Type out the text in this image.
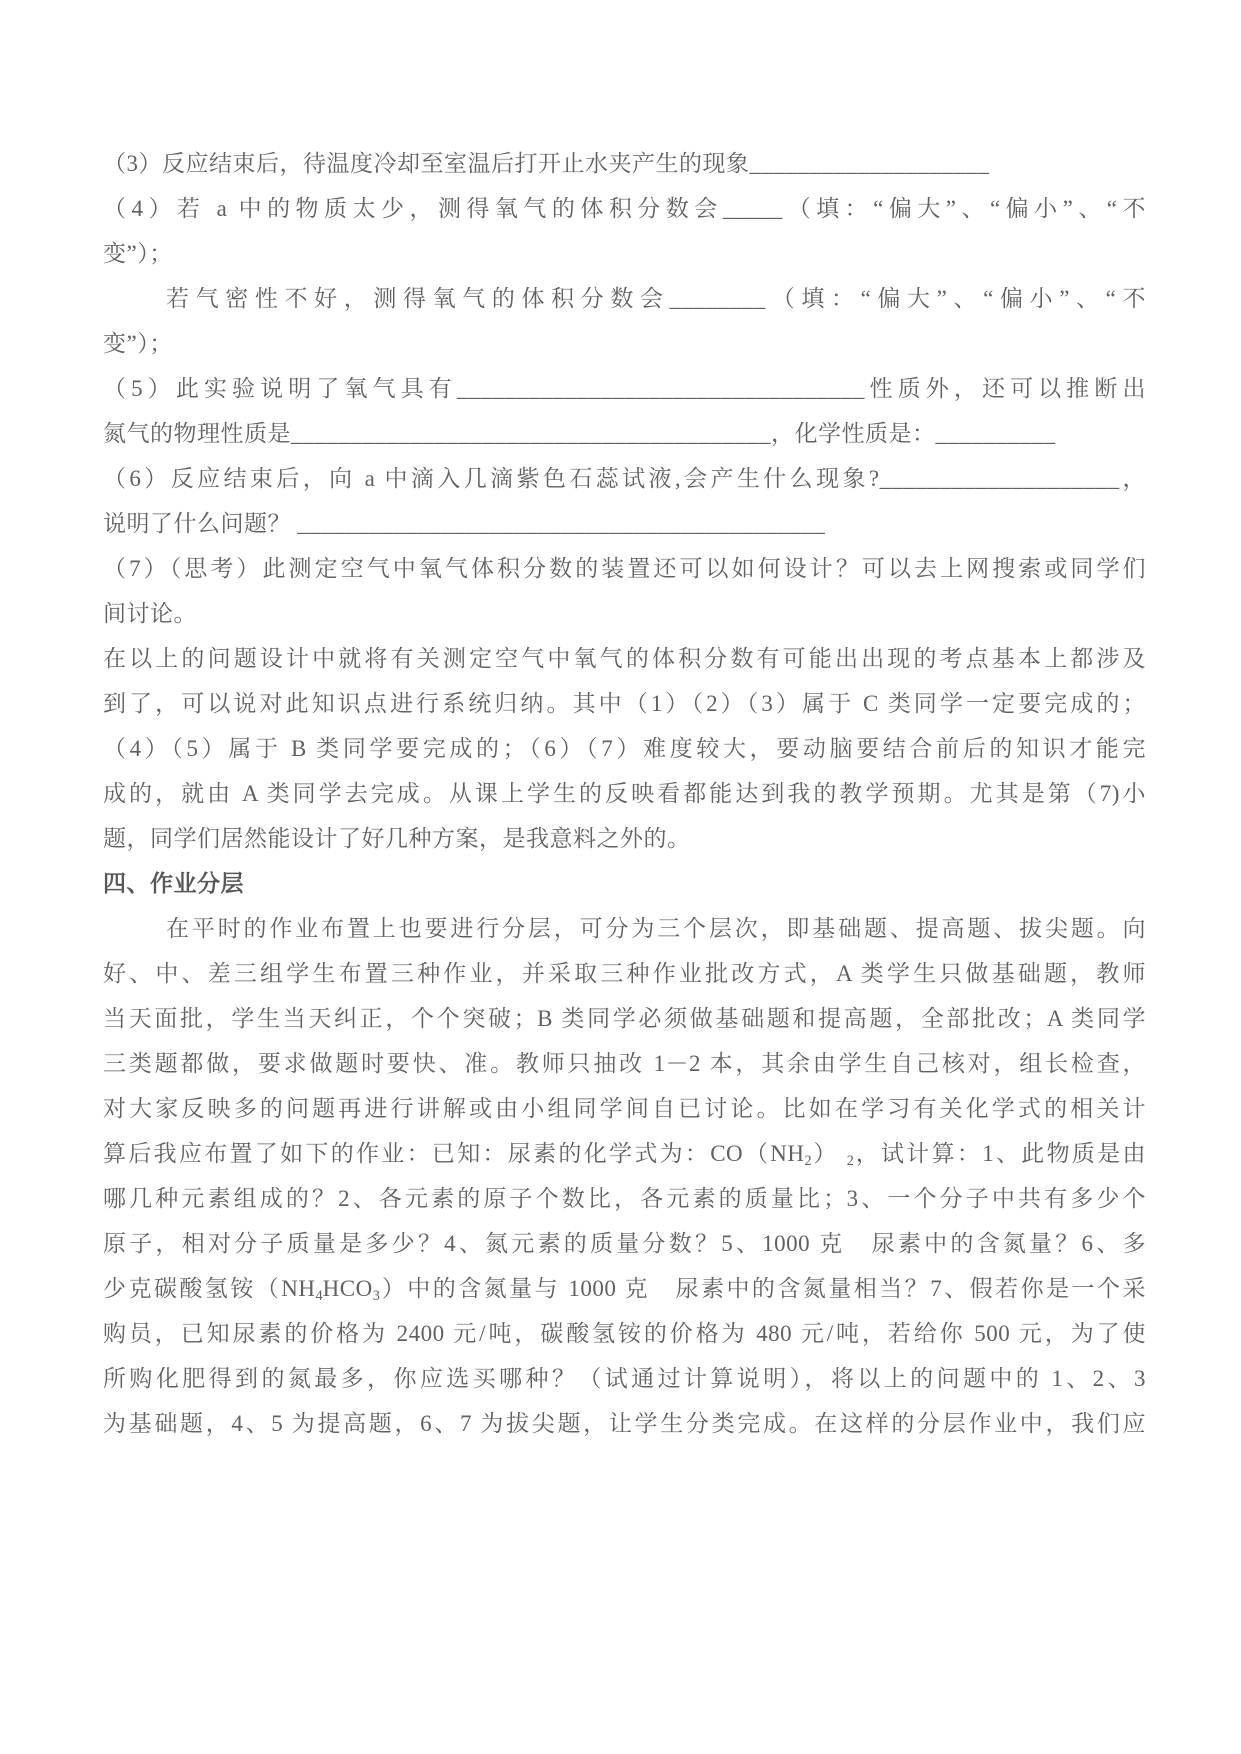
（3）反应结束后，待温度冷却至室温后打开止水夹产生的现象____________________
（4）若 a 中的物质太少，测得氧气的体积分数会_____（填：“偏大”、“偏小”、“不
变”）；
若气密性不好，测得氧气的体积分数会________（填：“偏大”、“偏小”、“不
变”）；
（5）此实验说明了氧气具有__________________________________性质外，还可以推断出
氮气的物理性质是________________________________________，化学性质是：__________
（6）反应结束后，向 a 中滴入几滴紫色石蕊试液,会产生什么现象?____________________，
说明了什么问题？ ____________________________________________
（7）（思考）此测定空气中氧气体积分数的装置还可以如何设计？可以去上网搜索或同学们
间讨论。
在以上的问题设计中就将有关测定空气中氧气的体积分数有可能出出现的考点基本上都涉及
到了，可以说对此知识点进行系统归纳。其中（1）（2）（3）属于 C 类同学一定要完成的；
（4）（5）属于 B 类同学要完成的；（6）（7）难度较大，要动脑要结合前后的知识才能完
成的，就由 A 类同学去完成。从课上学生的反映看都能达到我的教学预期。尤其是第（7)小
题，同学们居然能设计了好几种方案，是我意料之外的。
四、作业分层
在平时的作业布置上也要进行分层，可分为三个层次，即基础题、提高题、拔尖题。向
好、中、差三组学生布置三种作业，并采取三种作业批改方式，A 类学生只做基础题，教师
当天面批，学生当天纠正，个个突破；B 类同学必须做基础题和提高题，全部批改；A 类同学
三类题都做，要求做题时要快、准。教师只抽改 1－2 本，其余由学生自己核对，组长检查，
对大家反映多的问题再进行讲解或由小组同学间自已讨论。比如在学习有关化学式的相关计
算后我应布置了如下的作业：已知：尿素的化学式为：$CO(NH_2)$ $_2$，试计算：1、此物质是由
哪几种元素组成的？2、各元素的原子个数比，各元素的质量比；3、一个分子中共有多少个
原子，相对分子质量是多少？4、氮元素的质量分数？5、1000 克　尿素中的含氮量？6、多
少克碳酸氢铵$(NH_4HCO_3)$中的含氮量与 1000 克　尿素中的含氮量相当？7、假若你是一个采
购员，已知尿素的价格为 2400 元/吨，碳酸氢铵的价格为 480 元/吨，若给你 500 元，为了使
所购化肥得到的氮最多，你应选买哪种？（试通过计算说明），将以上的问题中的 1、2、3
为基础题，4、5 为提高题，6、7 为拔尖题，让学生分类完成。在这样的分层作业中，我们应
